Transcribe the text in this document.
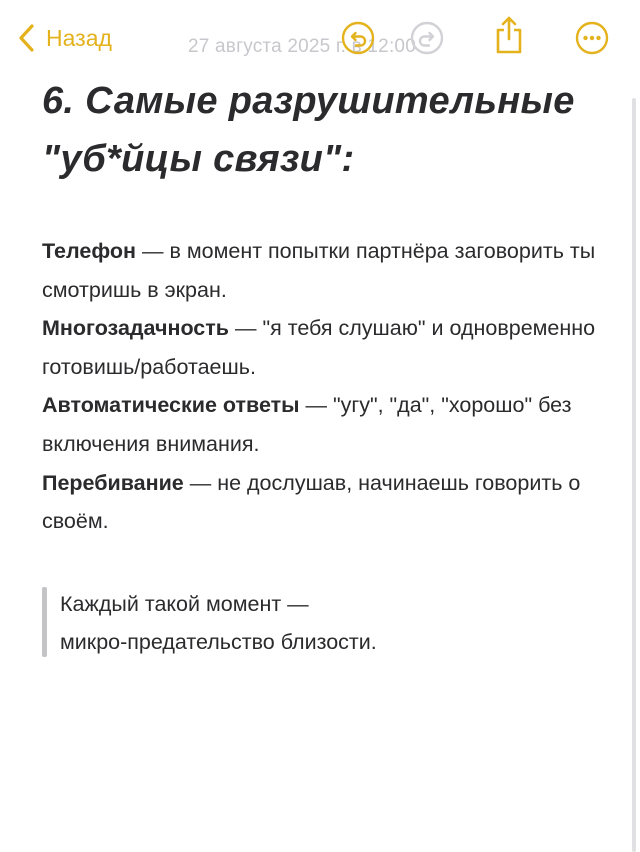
Назад	27 августа 2025 г. в 12:00
6. Самые разрушительные
"уб*йцы связи":
Телефон — в момент попытки партнёра заговорить ты смотришь в экран.
Многозадачность — "я тебя слушаю" и одновременно готовишь/работаешь.
Автоматические ответы — "угу", "да", "хорошо" без включения внимания.
Перебивание — не дослушав, начинаешь говорить о своём.
Каждый такой момент —
микро-предательство близости.
